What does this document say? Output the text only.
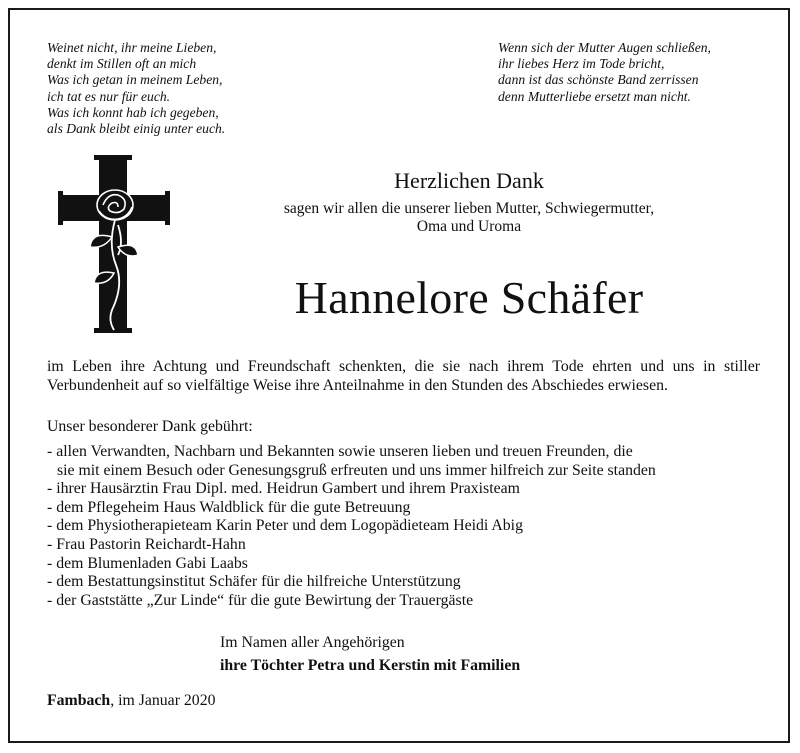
Weinet nicht, ihr meine Lieben,
denkt im Stillen oft an mich
Was ich getan in meinem Leben,
ich tat es nur für euch.
Was ich konnt hab ich gegeben,
als Dank bleibt einig unter euch.
Wenn sich der Mutter Augen schließen,
ihr liebes Herz im Tode bricht,
dann ist das schönste Band zerrissen
denn Mutterliebe ersetzt man nicht.
Herzlichen Dank
sagen wir allen die unserer lieben Mutter, Schwiegermutter,
Oma und Uroma
Hannelore Schäfer
im Leben ihre Achtung und Freundschaft schenkten, die sie nach ihrem Tode ehrten und uns in stiller Verbundenheit auf so vielfältige Weise ihre Anteilnahme in den Stunden des Abschiedes erwiesen.
Unser besonderer Dank gebührt:
- allen Verwandten, Nachbarn und Bekannten sowie unseren lieben und treuen Freunden, die
sie mit einem Besuch oder Genesungsgruß erfreuten und uns immer hilfreich zur Seite standen
- ihrer Hausärztin Frau Dipl. med. Heidrun Gambert und ihrem Praxisteam
- dem Pflegeheim Haus Waldblick für die gute Betreuung
- dem Physiotherapieteam Karin Peter und dem Logopädieteam Heidi Abig
- Frau Pastorin Reichardt-Hahn
- dem Blumenladen Gabi Laabs
- dem Bestattungsinstitut Schäfer für die hilfreiche Unterstützung
- der Gaststätte „Zur Linde“ für die gute Bewirtung der Trauergäste
Im Namen aller Angehörigen
ihre Töchter Petra und Kerstin mit Familien
Fambach, im Januar 2020
